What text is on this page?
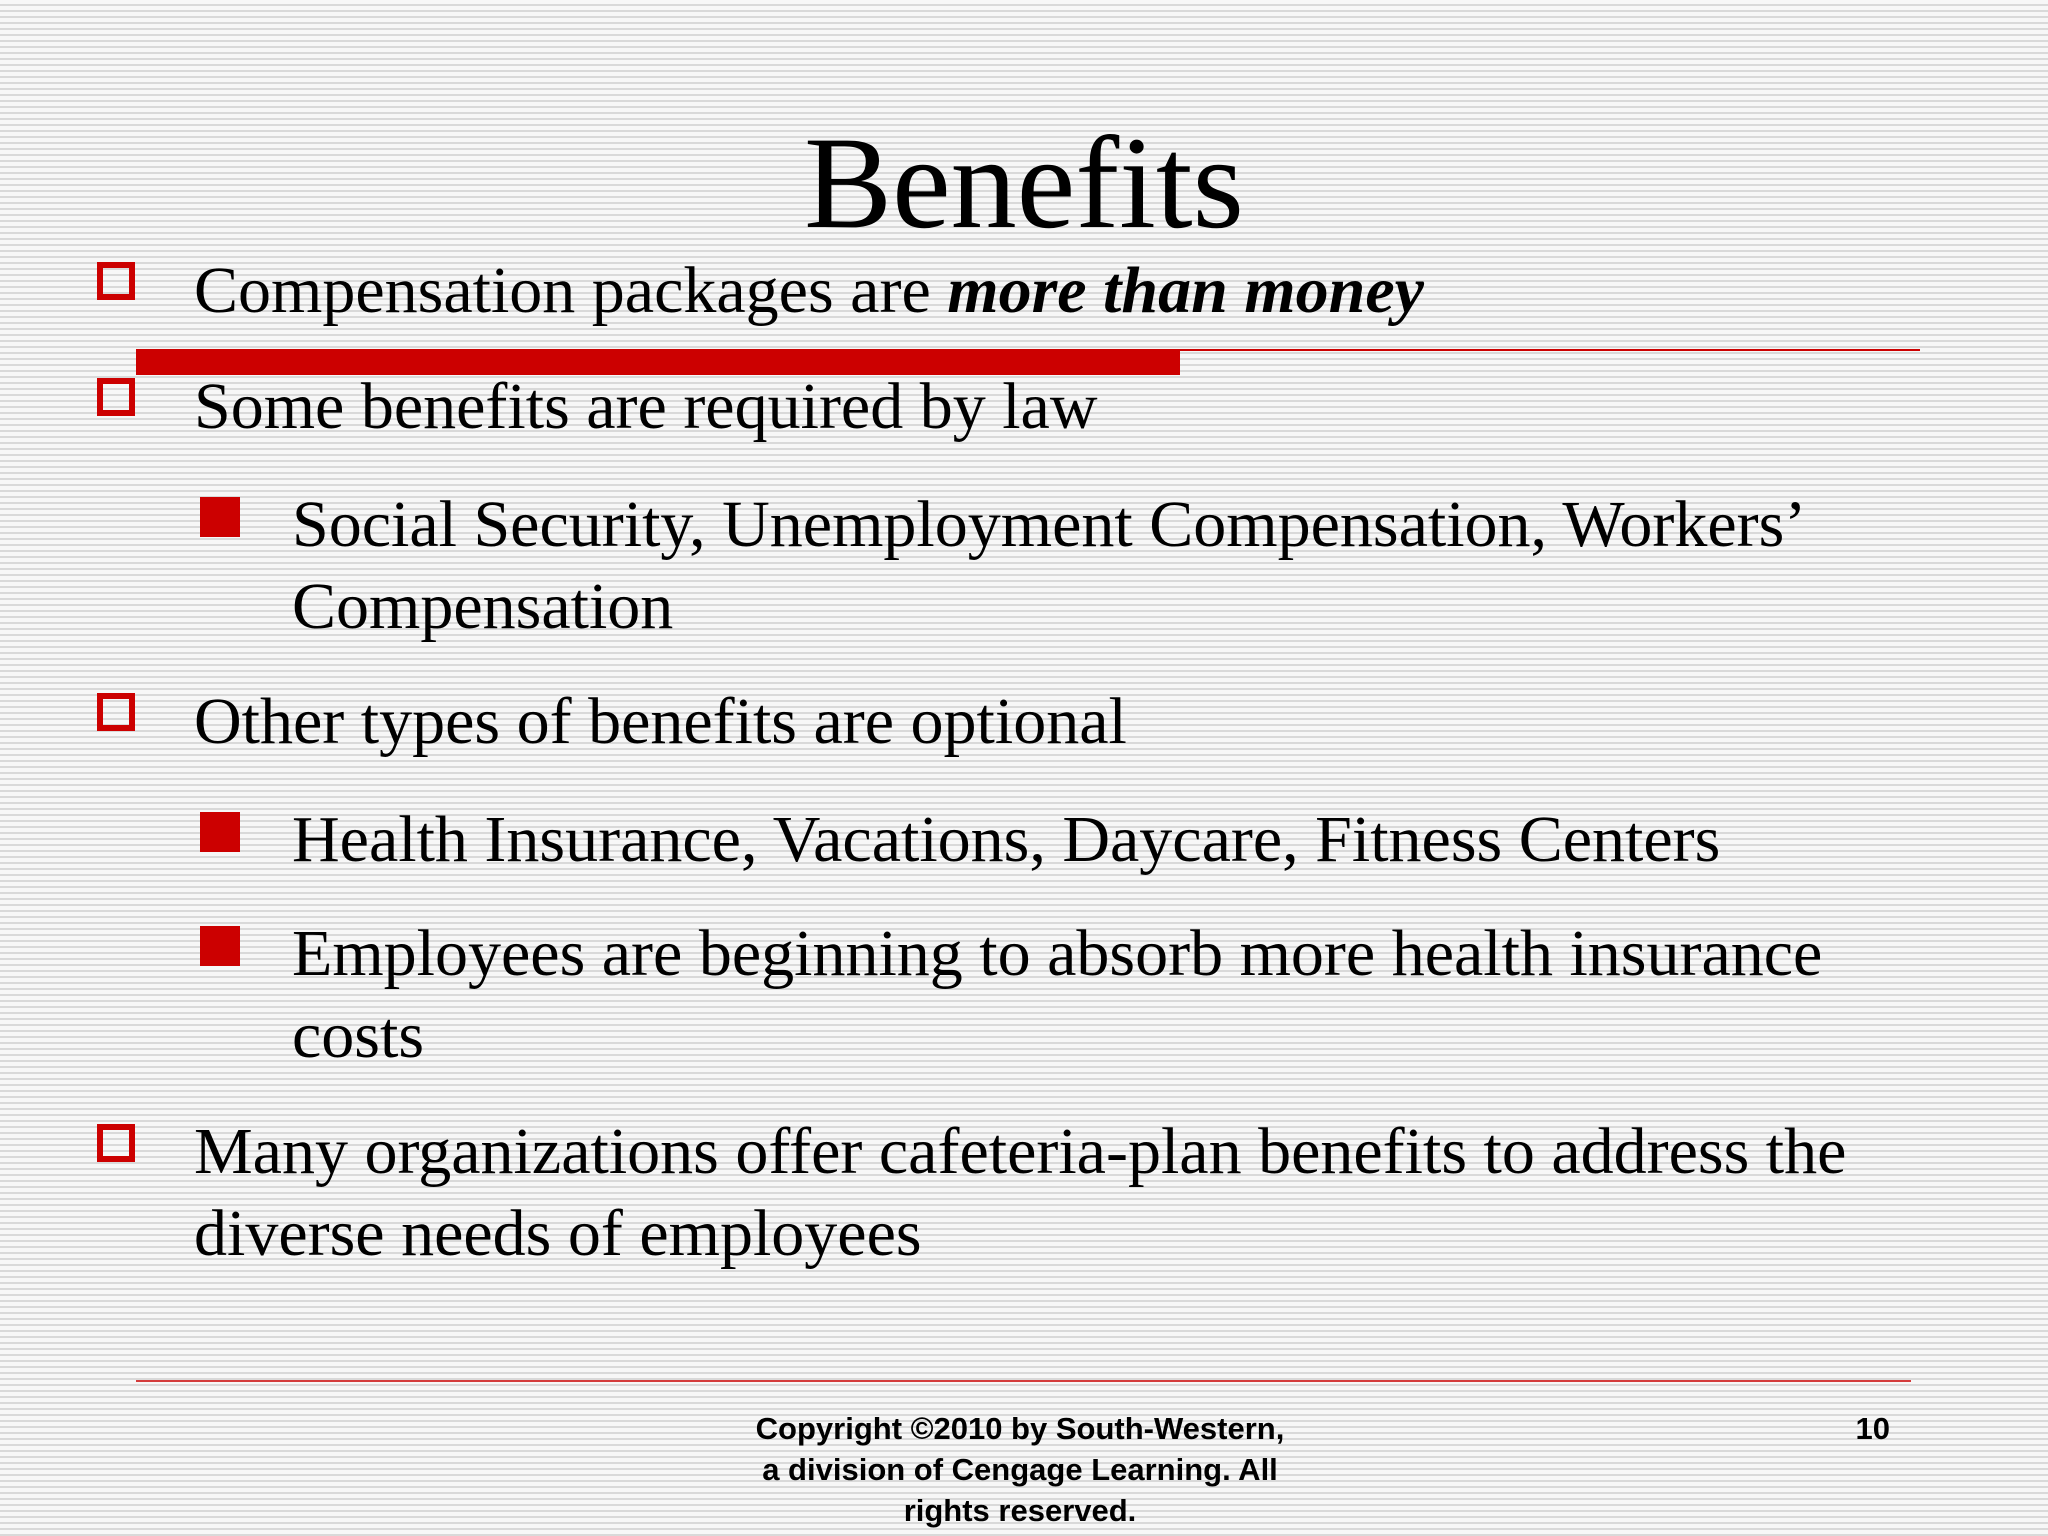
Benefits
Compensation packages are more than money
Some benefits are required by law
Social Security, Unemployment Compensation, Workers’
Compensation
Other types of benefits are optional
Health Insurance, Vacations, Daycare, Fitness Centers
Employees are beginning to absorb more health insurance
costs
Many organizations offer cafeteria-plan benefits to address the
diverse needs of employees
Copyright ©2010 by South-Western,
a division of Cengage Learning. All
rights reserved.
10
